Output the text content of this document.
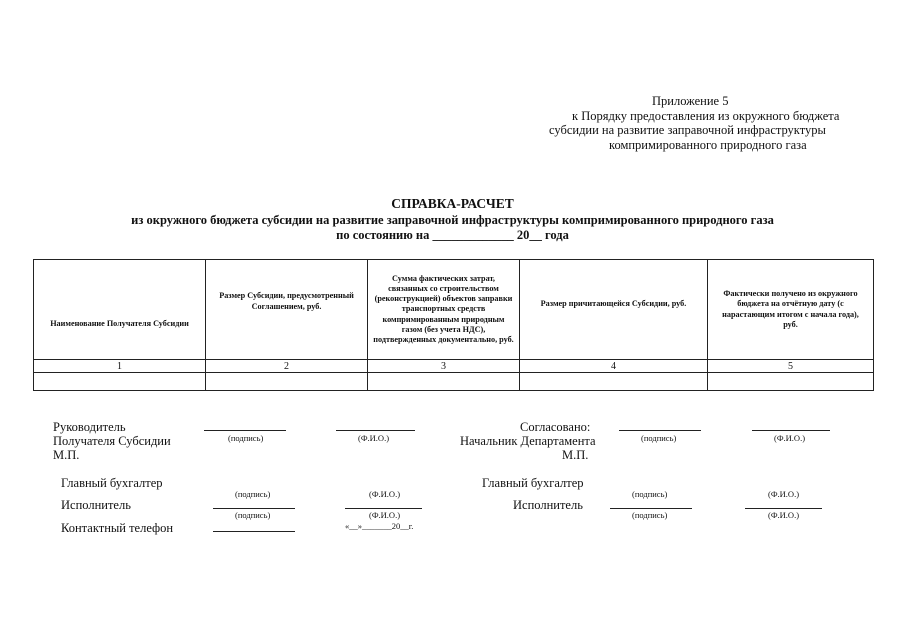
Приложение 5
к Порядку предоставления из окружного бюджета
субсидии на развитие заправочной инфраструктуры
компримированного природного газа
СПРАВКА-РАСЧЕТ
из окружного бюджета субсидии на развитие заправочной инфраструктуры компримированного природного газа
по состоянию на _____________ 20__ года
Наименование Получателя Субсидии	Размер Субсидии, предусмотренный Соглашением, руб.	Сумма фактических затрат, связанных со строительством (реконструкцией) объектов заправки транспортных средств компримированным природным газом (без учета НДС), подтвержденных документально, руб.	Размер причитающейся Субсидии, руб.	Фактически получено из окружного бюджета на отчётную дату (с нарастающим итогом с начала года), руб.
1	2	3	4	5

Руководитель
Получателя Субсидии
М.П.
(подпись)	(Ф.И.О.)
Главный бухгалтер
(подпись)	(Ф.И.О.)
Исполнитель
(подпись)	(Ф.И.О.)
Контактный телефон	«__»_______20__г.
Согласовано:
Начальник Департамента
М.П.
(подпись)	(Ф.И.О.)
Главный бухгалтер
(подпись)	(Ф.И.О.)
Исполнитель
(подпись)	(Ф.И.О.)
